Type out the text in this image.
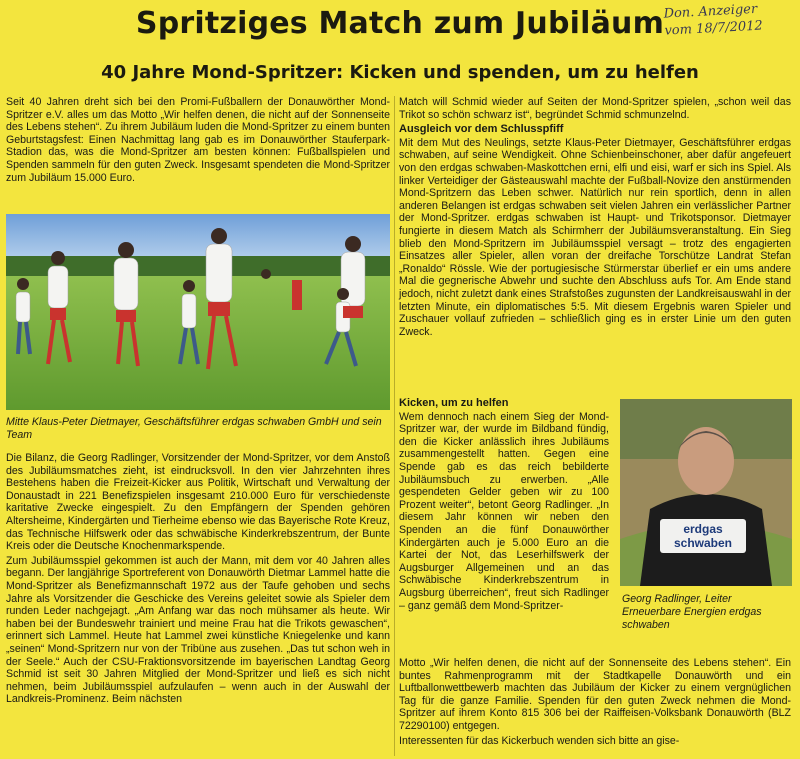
Spritziges Match zum Jubiläum Don. Anzeiger
vom 18/7/2012
40 Jahre Mond-Spritzer: Kicken und spenden, um zu helfen

Seit 40 Jahren dreht sich bei den Promi-Fußballern der Donauwörther Mond-Spritzer e.V. alles um das Motto „Wir helfen denen, die nicht auf der Sonnenseite des Lebens stehen“. Zu ihrem Jubiläum luden die Mond-Spritzer zu einem bunten Geburtstagsfest: Einen Nachmittag lang gab es im Donauwörther Stauferpark-Stadion das, was die Mond-Spritzer am besten können: Fußballspielen und Spenden sammeln für den guten Zweck. Insgesamt spendeten die Mond-Spritzer zum Jubiläum 15.000 Euro.

Mitte Klaus-Peter Dietmayer, Geschäftsführer erdgas schwaben GmbH und sein Team

Die Bilanz, die Georg Radlinger, Vorsitzender der Mond-Spritzer, vor dem Anstoß des Jubiläumsmatches zieht, ist eindrucksvoll. In den vier Jahrzehnten ihres Bestehens haben die Freizeit-Kicker aus Politik, Wirtschaft und Verwaltung der Donaustadt in 221 Benefizspielen insgesamt 210.000 Euro für verschiedenste karitative Zwecke eingespielt. Zu den Empfängern der Spenden gehören Altersheime, Kindergärten und Tierheime ebenso wie das Bayerische Rote Kreuz, das Technische Hilfswerk oder das schwäbische Kinderkrebszentrum, der Bunte Kreis oder die Deutsche Knochenmarkspende.

Zum Jubiläumsspiel gekommen ist auch der Mann, mit dem vor 40 Jahren alles begann. Der langjährige Sportreferent von Donauwörth Dietmar Lammel hatte die Mond-Spritzer als Benefizmannschaft 1972 aus der Taufe gehoben und sechs Jahre als Vorsitzender die Geschicke des Vereins geleitet sowie als Spieler dem runden Leder nachgejagt. „Am Anfang war das noch mühsamer als heute. Wir haben bei der Bundeswehr trainiert und meine Frau hat die Trikots gewaschen“, erinnert sich Lammel. Heute hat Lammel zwei künstliche Kniegelenke und kann „seinen“ Mond-Spritzern nur von der Tribüne aus zusehen. „Das tut schon weh in der Seele.“ Auch der CSU-Fraktionsvorsitzende im bayerischen Landtag Georg Schmid ist seit 30 Jahren Mitglied der Mond-Spritzer und ließ es sich nicht nehmen, beim Jubiläumsspiel aufzulaufen – wenn auch in der Auswahl der Landkreis-Prominenz. Beim nächsten

Match will Schmid wieder auf Seiten der Mond-Spritzer spielen, „schon weil das Trikot so schön schwarz ist“, begründet Schmid schmunzelnd.

Ausgleich vor dem Schlusspfiff

Mit dem Mut des Neulings, setzte Klaus-Peter Dietmayer, Geschäftsführer erdgas schwaben, auf seine Wendigkeit. Ohne Schienbeinschoner, aber dafür angefeuert von den erdgas schwaben-Maskottchen erni, elfi und eisi, warf er sich ins Spiel. Als linker Verteidiger der Gästeauswahl machte der Fußball-Novize den anstürmenden Mond-Spritzern das Leben schwer. Natürlich nur rein sportlich, denn in allen anderen Belangen ist erdgas schwaben seit vielen Jahren ein verlässlicher Partner der Mond-Spritzer. erdgas schwaben ist Haupt- und Trikotsponsor. Dietmayer fungierte in diesem Match als Schirmherr der Jubiläumsveranstaltung. Ein Sieg blieb den Mond-Spritzern im Jubiläumsspiel versagt – trotz des engagierten Einsatzes aller Spieler, allen voran der dreifache Torschütze Landrat Stefan „Ronaldo“ Rössle. Wie der portugiesische Stürmerstar überlief er ein ums andere Mal die gegnerische Abwehr und suchte den Abschluss aufs Tor. Am Ende stand jedoch, nicht zuletzt dank eines Strafstoßes zugunsten der Landkreisauswahl in der letzten Minute, ein diplomatisches 5:5. Mit diesem Ergebnis waren Spieler und Zuschauer vollauf zufrieden – schließlich ging es in erster Linie um den guten Zweck.

Kicken, um zu helfen

Wem dennoch nach einem Sieg der Mond-Spritzer war, der wurde im Bildband fündig, den die Kicker anlässlich ihres Jubiläums zusammengestellt hatten. Gegen eine Spende gab es das reich bebilderte Jubiläumsbuch zu erwerben. „Alle gespendeten Gelder geben wir zu 100 Prozent weiter“, betont Georg Radlinger. „In diesem Jahr können wir neben den Spenden an die fünf Donauwörther Kindergärten auch je 5.000 Euro an die Kartei der Not, das Leserhilfswerk der Augsburger Allgemeinen und an das Schwäbische Kinderkrebszentrum in Augsburg überreichen“, freut sich Radlinger – ganz gemäß dem Mond-Spritzer-

erdgas
schwaben
Georg Radlinger, Leiter Erneuerbare Energien erdgas schwaben

Motto „Wir helfen denen, die nicht auf der Sonnenseite des Lebens stehen“. Ein buntes Rahmenprogramm mit der Stadtkapelle Donauwörth und ein Luftballonwettbewerb machten das Jubiläum der Kicker zu einem vergnüglichen Tag für die ganze Familie. Spenden für den guten Zweck nehmen die Mond-Spritzer auf ihrem Konto 815 306 bei der Raiffeisen-Volksbank Donauwörth (BLZ 72290100) entgegen.

Interessenten für das Kickerbuch wenden sich bitte an gise-
